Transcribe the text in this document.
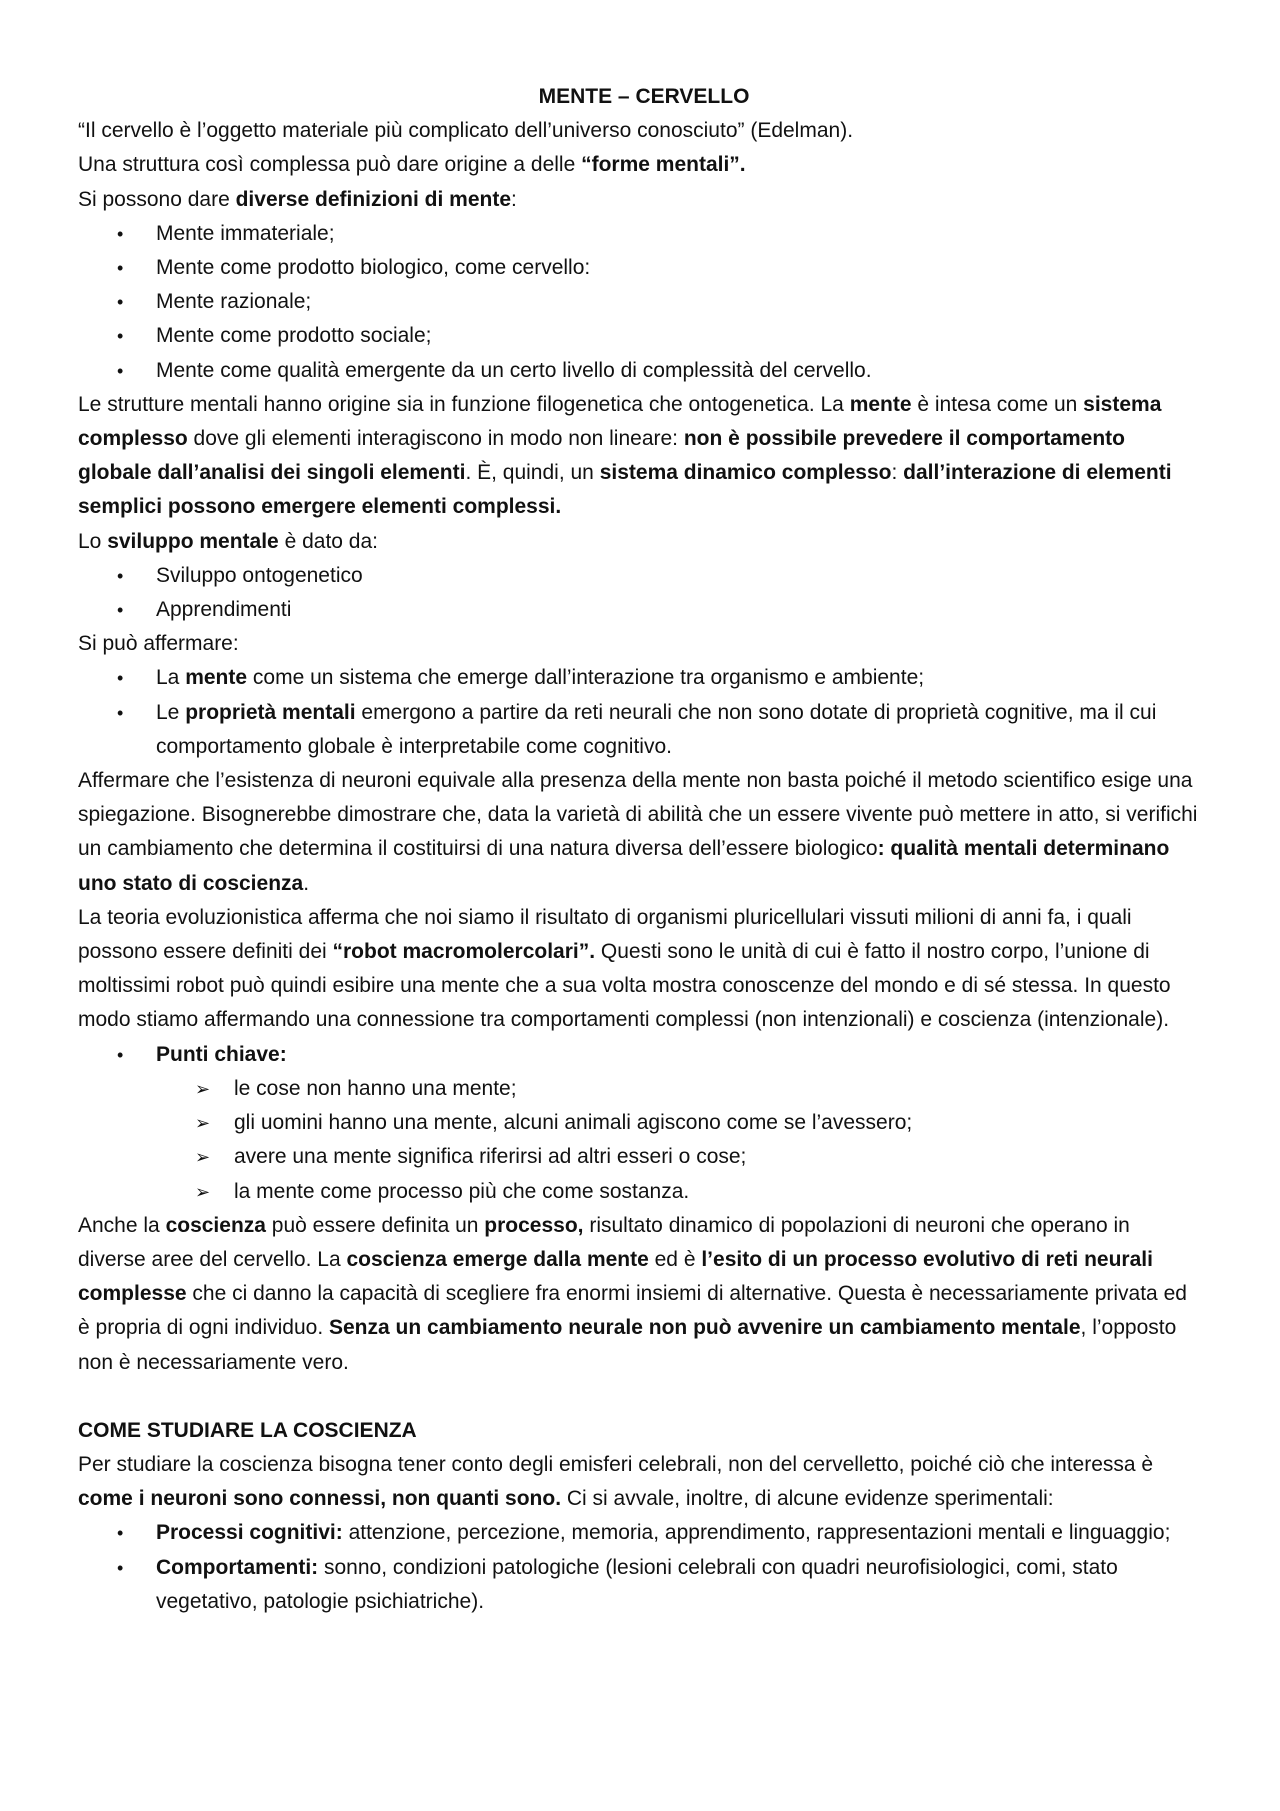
MENTE – CERVELLO

“Il cervello è l’oggetto materiale più complicato dell’universo conosciuto” (Edelman).

Una struttura così complessa può dare origine a delle “forme mentali”.

Si possono dare diverse definizioni di mente:

• Mente immateriale;
• Mente come prodotto biologico, come cervello:
• Mente razionale;
• Mente come prodotto sociale;
• Mente come qualità emergente da un certo livello di complessità del cervello.

Le strutture mentali hanno origine sia in funzione filogenetica che ontogenetica. La mente è intesa come un sistema complesso dove gli elementi interagiscono in modo non lineare: non è possibile prevedere il comportamento globale dall’analisi dei singoli elementi. È, quindi, un sistema dinamico complesso: dall’interazione di elementi semplici possono emergere elementi complessi.

Lo sviluppo mentale è dato da:

• Sviluppo ontogenetico
• Apprendimenti

Si può affermare:

• La mente come un sistema che emerge dall’interazione tra organismo e ambiente;
• Le proprietà mentali emergono a partire da reti neurali che non sono dotate di proprietà cognitive, ma il cui comportamento globale è interpretabile come cognitivo.

Affermare che l’esistenza di neuroni equivale alla presenza della mente non basta poiché il metodo scientifico esige una spiegazione. Bisognerebbe dimostrare che, data la varietà di abilità che un essere vivente può mettere in atto, si verifichi un cambiamento che determina il costituirsi di una natura diversa dell’essere biologico: qualità mentali determinano uno stato di coscienza.

La teoria evoluzionistica afferma che noi siamo il risultato di organismi pluricellulari vissuti milioni di anni fa, i quali possono essere definiti dei “robot macromolercolari”. Questi sono le unità di cui è fatto il nostro corpo, l’unione di moltissimi robot può quindi esibire una mente che a sua volta mostra conoscenze del mondo e di sé stessa. In questo modo stiamo affermando una connessione tra comportamenti complessi (non intenzionali) e coscienza (intenzionale).

• Punti chiave:
➢ le cose non hanno una mente;
➢ gli uomini hanno una mente, alcuni animali agiscono come se l’avessero;
➢ avere una mente significa riferirsi ad altri esseri o cose;
➢ la mente come processo più che come sostanza.

Anche la coscienza può essere definita un processo, risultato dinamico di popolazioni di neuroni che operano in diverse aree del cervello. La coscienza emerge dalla mente ed è l’esito di un processo evolutivo di reti neurali complesse che ci danno la capacità di scegliere fra enormi insiemi di alternative. Questa è necessariamente privata ed è propria di ogni individuo. Senza un cambiamento neurale non può avvenire un cambiamento mentale, l’opposto non è necessariamente vero.

COME STUDIARE LA COSCIENZA

Per studiare la coscienza bisogna tener conto degli emisferi celebrali, non del cervelletto, poiché ciò che interessa è come i neuroni sono connessi, non quanti sono. Ci si avvale, inoltre, di alcune evidenze sperimentali:

• Processi cognitivi: attenzione, percezione, memoria, apprendimento, rappresentazioni mentali e linguaggio;
• Comportamenti: sonno, condizioni patologiche (lesioni celebrali con quadri neurofisiologici, comi, stato vegetativo, patologie psichiatriche).
